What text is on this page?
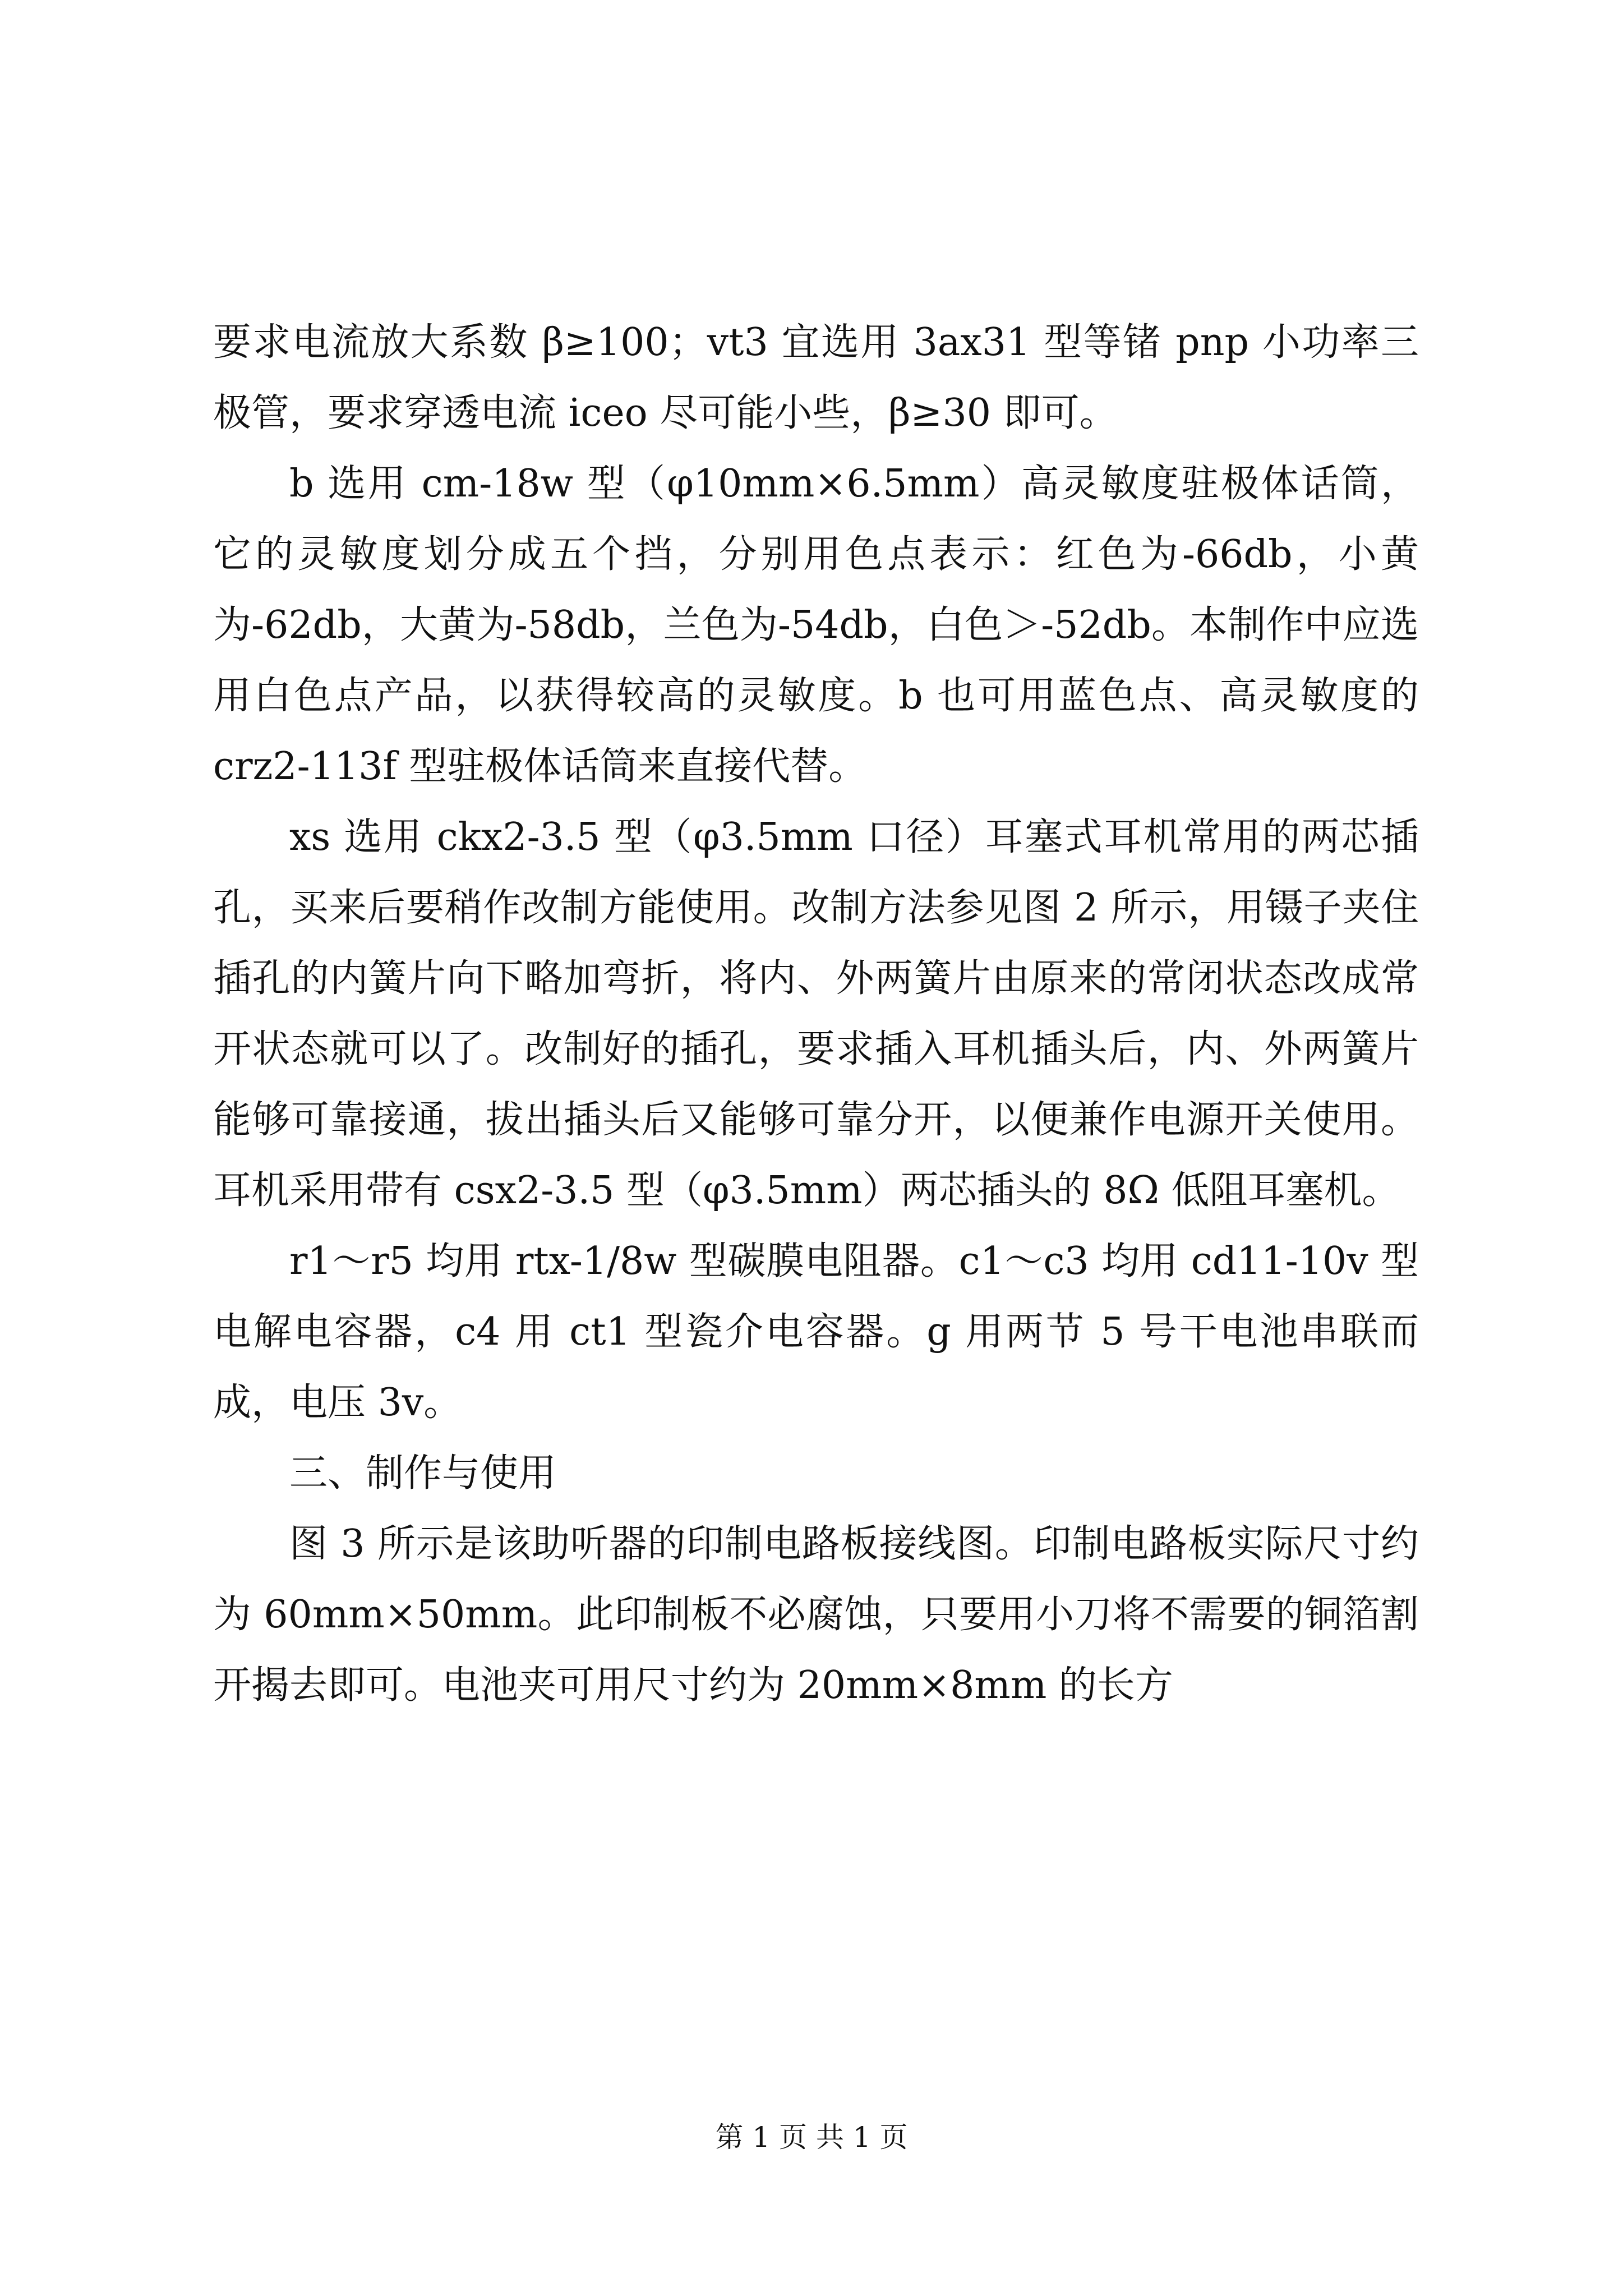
要求电流放大系数 β≥100；vt3 宜选用 3ax31 型等锗 pnp 小功率三极管，要求穿透电流 iceo 尽可能小些，β≥30 即可。

b 选用 cm-18w 型（φ10mm×6.5mm）高灵敏度驻极体话筒，它的灵敏度划分成五个挡，分别用色点表示：红色为-66db，小黄为-62db，大黄为-58db，兰色为-54db，白色＞-52db。本制作中应选用白色点产品，以获得较高的灵敏度。b 也可用蓝色点、高灵敏度的 crz2-113f 型驻极体话筒来直接代替。

xs 选用 ckx2-3.5 型（φ3.5mm 口径）耳塞式耳机常用的两芯插孔，买来后要稍作改制方能使用。改制方法参见图 2 所示，用镊子夹住插孔的内簧片向下略加弯折，将内、外两簧片由原来的常闭状态改成常开状态就可以了。改制好的插孔，要求插入耳机插头后，内、外两簧片能够可靠接通，拔出插头后又能够可靠分开，以便兼作电源开关使用。耳机采用带有 csx2-3.5 型（φ3.5mm）两芯插头的 8Ω 低阻耳塞机。

r1～r5 均用 rtx-1/8w 型碳膜电阻器。c1～c3 均用 cd11-10v 型电解电容器，c4 用 ct1 型瓷介电容器。g 用两节 5 号干电池串联而成，电压 3v。

三、制作与使用

图 3 所示是该助听器的印制电路板接线图。印制电路板实际尺寸约为 60mm×50mm。此印制板不必腐蚀，只要用小刀将不需要的铜箔割开揭去即可。电池夹可用尺寸约为 20mm×8mm 的长方

第 1 页 共 1 页
